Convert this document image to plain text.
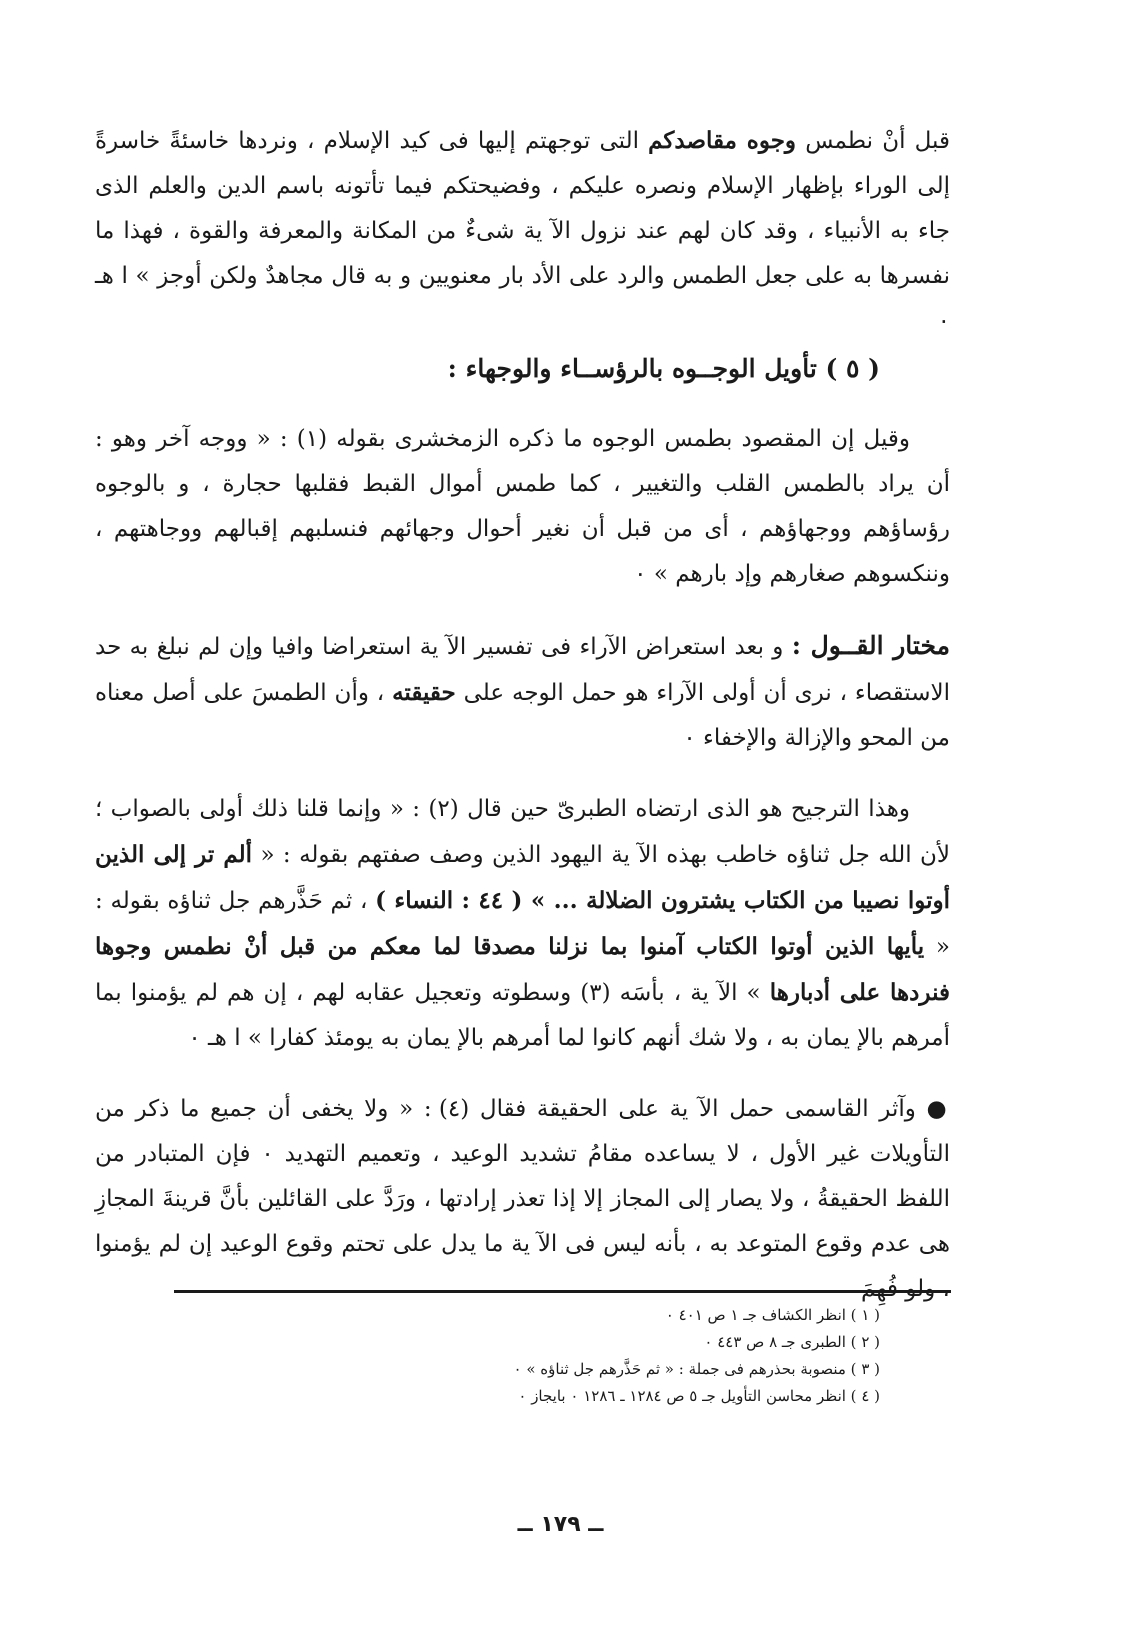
قبل أنْ نطمس وجوه مقاصدكم التى توجهتم إليها فى كيد الإسلام ، ونردها خاسئةً خاسرةً إلى الوراء بإظهار الإسلام ونصره عليكم ، وفضيحتكم فيما تأتونه باسم الدين والعلم الذى جاء به الأنبياء ، وقد كان لهم عند نزول الآ ية شىءٌ من المكانة والمعرفة والقوة ، فهذا ما نفسرها به على جعل الطمس والرد على الأد بار معنويين و به قال مجاهدٌ ولكن أوجز » ا هـ ٠

( ٥ ) تأويل الوجــوه بالرؤســاء والوجهاء :

وقيل إن المقصود بطمس الوجوه ما ذكره الزمخشرى بقوله (١) : « ووجه آخر وهو : أن يراد بالطمس القلب والتغيير ، كما طمس أموال القبط فقلبها حجارة ، و بالوجوه رؤساؤهم ووجهاؤهم ، أى من قبل أن نغير أحوال وجهائهم فنسلبهم إقبالهم ووجاهتهم ، وننكسوهم صغارهم وإد بارهم » ٠

مختار القــول : و بعد استعراض الآراء فى تفسير الآ ية استعراضا وافيا وإن لم نبلغ به حد الاستقصاء ، نرى أن أولى الآراء هو حمل الوجه على حقيقته ، وأن الطمسَ على أصل معناه من المحو والإزالة والإخفاء ٠

وهذا الترجيح هو الذى ارتضاه الطبرىّ حين قال (٢) : « وإنما قلنا ذلك أولى بالصواب ؛ لأن الله جل ثناؤه خاطب بهذه الآ ية اليهود الذين وصف صفتهم بقوله : « ألم تر إلى الذين أوتوا نصيبا من الكتاب يشترون الضلالة ... » ( ٤٤ : النساء ) ، ثم حَذَّرهم جل ثناؤه بقوله : « يأيها الذين أوتوا الكتاب آمنوا بما نزلنا مصدقا لما معكم من قبل أنْ نطمس وجوها فنردها على أدبارها » الآ ية ، بأسَه (٣) وسطوته وتعجيل عقابه لهم ، إن هم لم يؤمنوا بما أمرهم بالإ يمان به ، ولا شك أنهم كانوا لما أمرهم بالإ يمان به يومئذ كفارا » ا هـ ٠

● وآثر القاسمى حمل الآ ية على الحقيقة فقال (٤) : « ولا يخفى أن جميع ما ذكر من التأويلات غير الأول ، لا يساعده مقامُ تشديد الوعيد ، وتعميم التهديد ٠ فإن المتبادر من اللفظ الحقيقةُ ، ولا يصار إلى المجاز إلا إذا تعذر إرادتها ، ورَدَّ على القائلين بأنَّ قرينةَ المجازِ هى عدم وقوع المتوعد به ، بأنه ليس فى الآ ية ما يدل على تحتم وقوع الوعيد إن لم يؤمنوا ، ولو فُهِمَ

( ١ ) انظر الكشاف جـ ١ ص ٤٠١ ٠
( ٢ ) الطبرى جـ ٨ ص ٤٤٣ ٠
( ٣ ) منصوبة بحذرهم فى جملة : « ثم حَذَّرهم جل ثناؤه » ٠
( ٤ ) انظر محاسن التأويل جـ ٥ ص ١٢٨٤ ـ ١٢٨٦ ٠ بايجاز ٠
ــ ١٧٩ ــ
